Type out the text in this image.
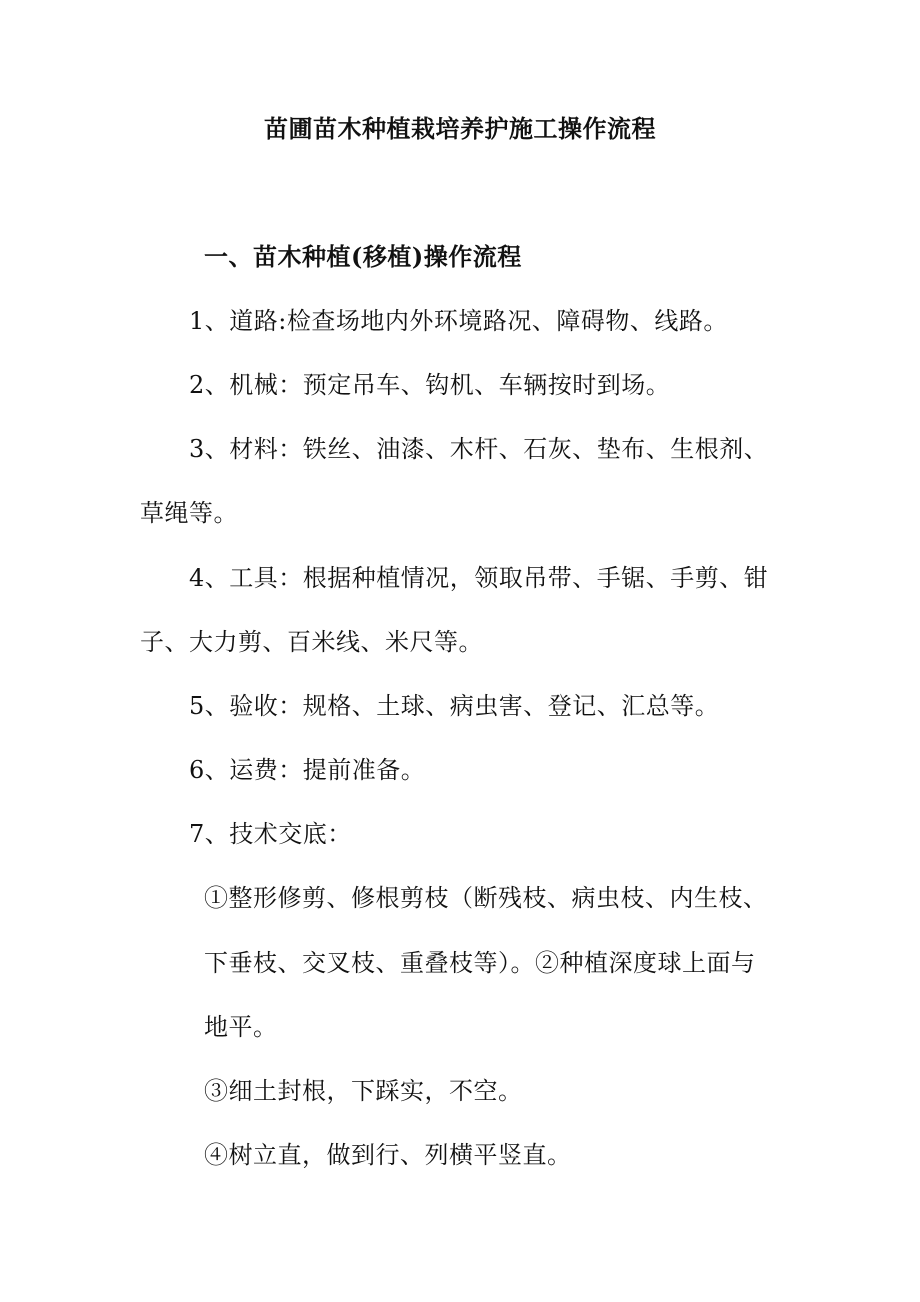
苗圃苗木种植栽培养护施工操作流程
一、苗木种植(移植)操作流程
1、道路:检查场地内外环境路况、障碍物、线路。
2、机械：预定吊车、钩机、车辆按时到场。
3、材料：铁丝、油漆、木杆、石灰、垫布、生根剂、
草绳等。
4、工具：根据种植情况，领取吊带、手锯、手剪、钳
子、大力剪、百米线、米尺等。
5、验收：规格、土球、病虫害、登记、汇总等。
6、运费：提前准备。
7、技术交底：
①整形修剪、修根剪枝（断残枝、病虫枝、内生枝、
下垂枝、交叉枝、重叠枝等）。②种植深度球上面与
地平。
③细土封根，下踩实，不空。
④树立直，做到行、列横平竖直。
